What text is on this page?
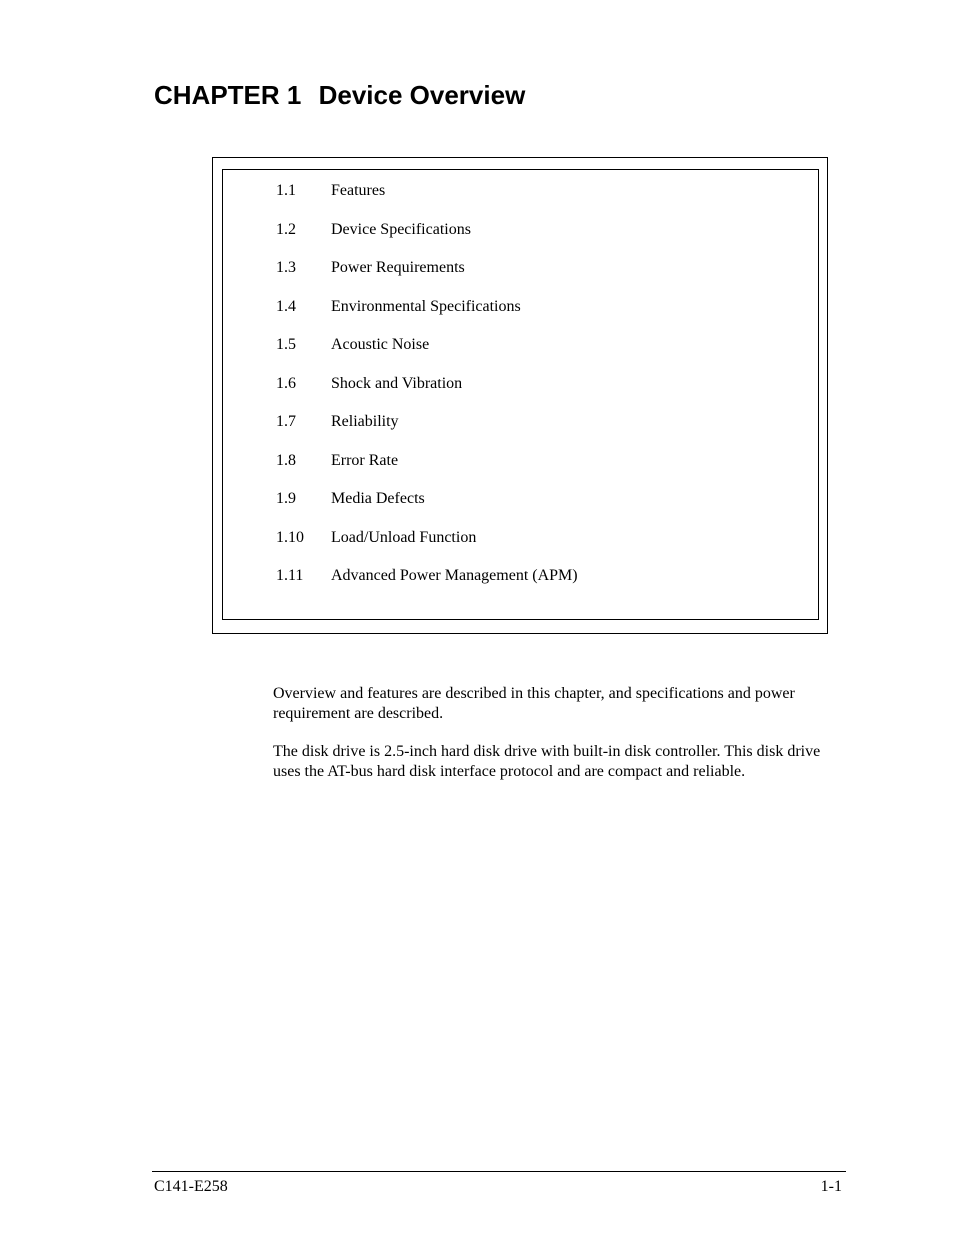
CHAPTER 1 Device Overview
1.1	Features
1.2	Device Specifications
1.3	Power Requirements
1.4	Environmental Specifications
1.5	Acoustic Noise
1.6	Shock and Vibration
1.7	Reliability
1.8	Error Rate
1.9	Media Defects
1.10	Load/Unload Function
1.11	Advanced Power Management (APM)

Overview and features are described in this chapter, and specifications and power requirement are described.

The disk drive is 2.5-inch hard disk drive with built-in disk controller. This disk drive uses the AT-bus hard disk interface protocol and are compact and reliable.

C141-E258	1-1
